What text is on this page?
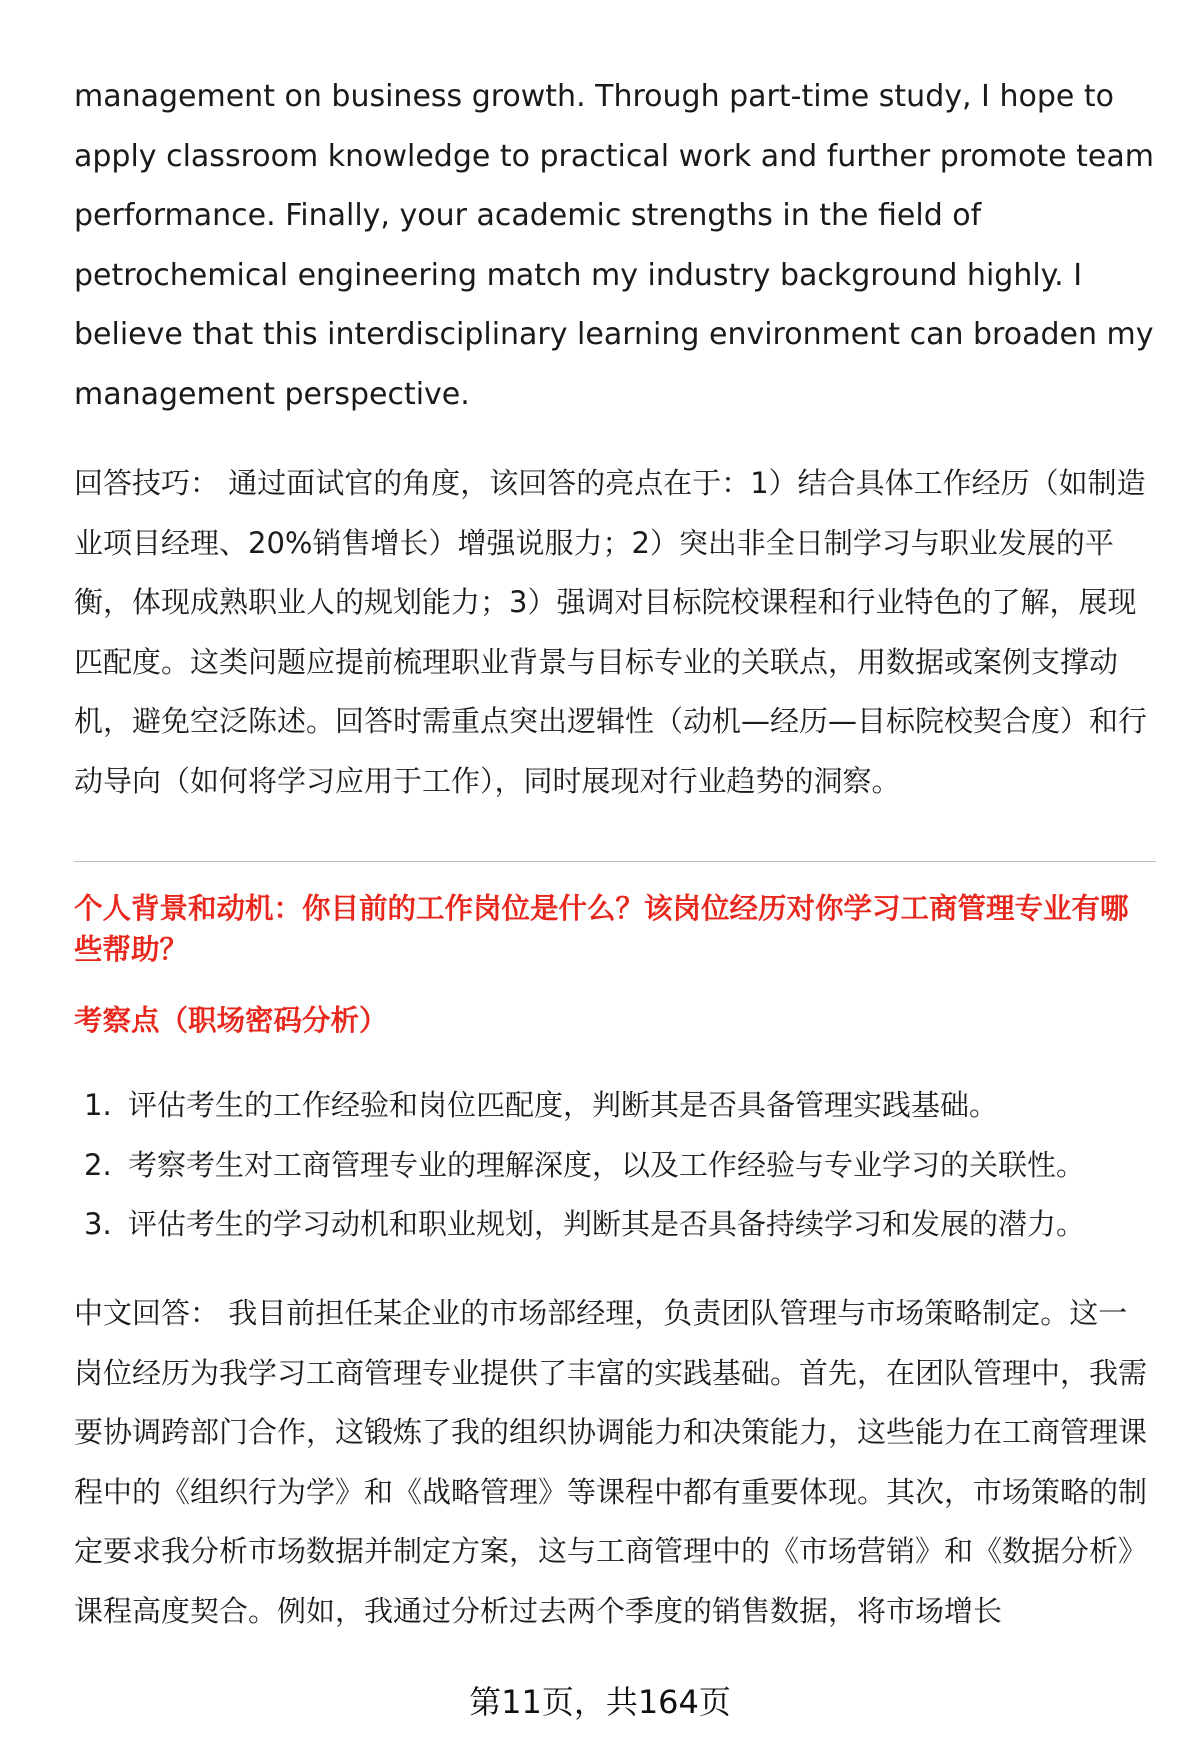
management on business growth. Through part-time study, I hope to apply classroom knowledge to practical work and further promote team performance. Finally, your academic strengths in the field of petrochemical engineering match my industry background highly. I believe that this interdisciplinary learning environment can broaden my management perspective.

回答技巧： 通过面试官的角度，该回答的亮点在于：1）结合具体工作经历（如制造业项目经理、20%销售增长）增强说服力；2）突出非全日制学习与职业发展的平衡，体现成熟职业人的规划能力；3）强调对目标院校课程和行业特色的了解，展现匹配度。这类问题应提前梳理职业背景与目标专业的关联点，用数据或案例支撑动机，避免空泛陈述。回答时需重点突出逻辑性（动机—经历—目标院校契合度）和行动导向（如何将学习应用于工作），同时展现对行业趋势的洞察。

个人背景和动机：你目前的工作岗位是什么？该岗位经历对你学习工商管理专业有哪些帮助？
考察点（职场密码分析）
1. 评估考生的工作经验和岗位匹配度，判断其是否具备管理实践基础。
2. 考察考生对工商管理专业的理解深度，以及工作经验与专业学习的关联性。
3. 评估考生的学习动机和职业规划，判断其是否具备持续学习和发展的潜力。

中文回答： 我目前担任某企业的市场部经理，负责团队管理与市场策略制定。这一岗位经历为我学习工商管理专业提供了丰富的实践基础。首先，在团队管理中，我需要协调跨部门合作，这锻炼了我的组织协调能力和决策能力，这些能力在工商管理课程中的《组织行为学》和《战略管理》等课程中都有重要体现。其次，市场策略的制定要求我分析市场数据并制定方案，这与工商管理中的《市场营销》和《数据分析》课程高度契合。例如，我通过分析过去两个季度的销售数据，将市场增长

第11页，共164页
